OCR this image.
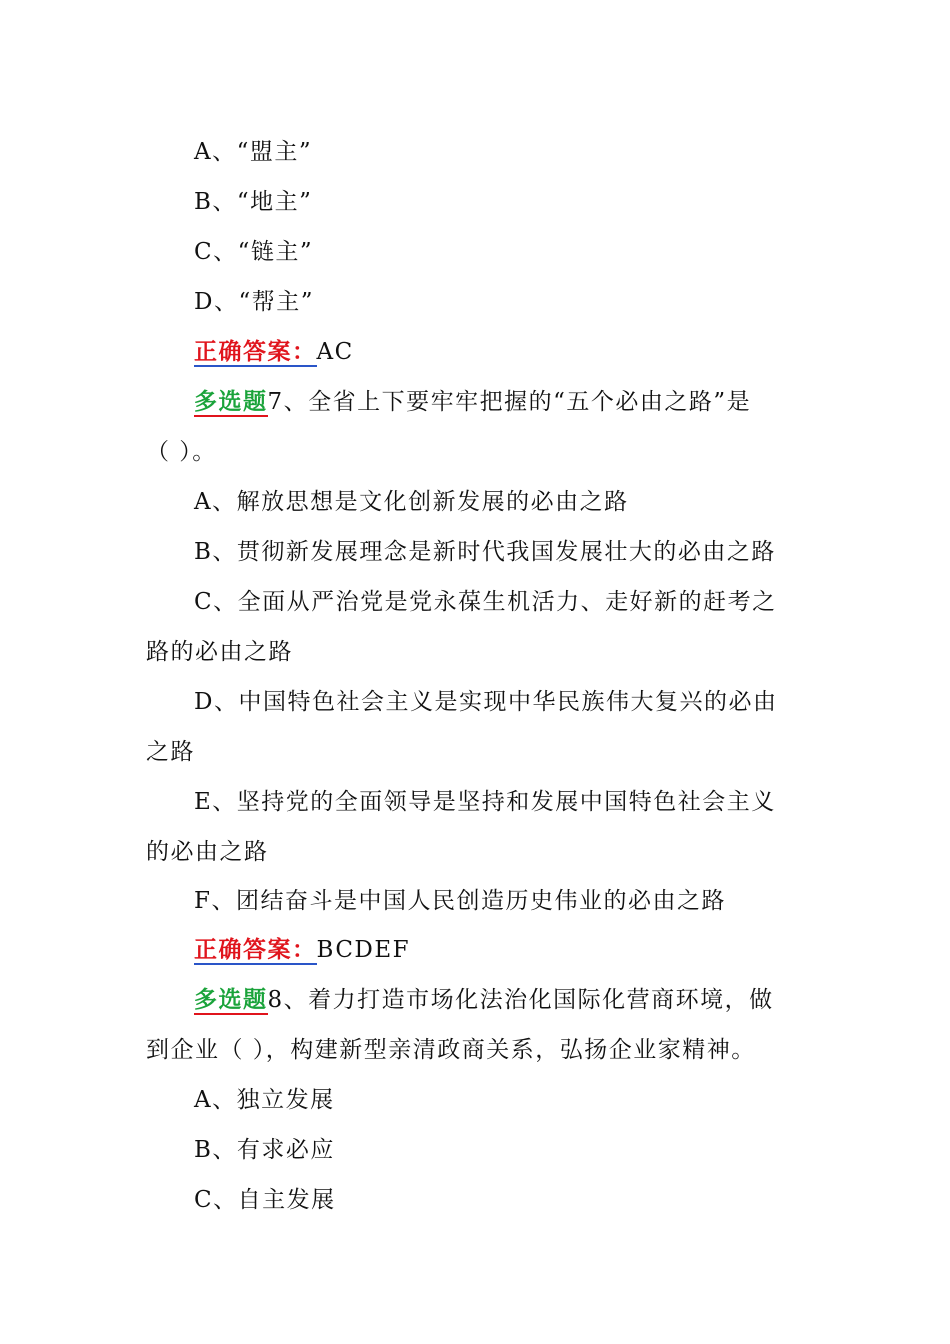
A、“盟主”
B、“地主”
C、“链主”
D、“帮主”
正确答案：AC
多选题7、全省上下要牢牢把握的“五个必由之路”是
（ ）。
A、解放思想是文化创新发展的必由之路
B、贯彻新发展理念是新时代我国发展壮大的必由之路
C、全面从严治党是党永葆生机活力、走好新的赶考之
路的必由之路
D、中国特色社会主义是实现中华民族伟大复兴的必由
之路
E、坚持党的全面领导是坚持和发展中国特色社会主义
的必由之路
F、团结奋斗是中国人民创造历史伟业的必由之路
正确答案：BCDEF
多选题8、着力打造市场化法治化国际化营商环境，做
到企业（ ），构建新型亲清政商关系，弘扬企业家精神。
A、独立发展
B、有求必应
C、自主发展
